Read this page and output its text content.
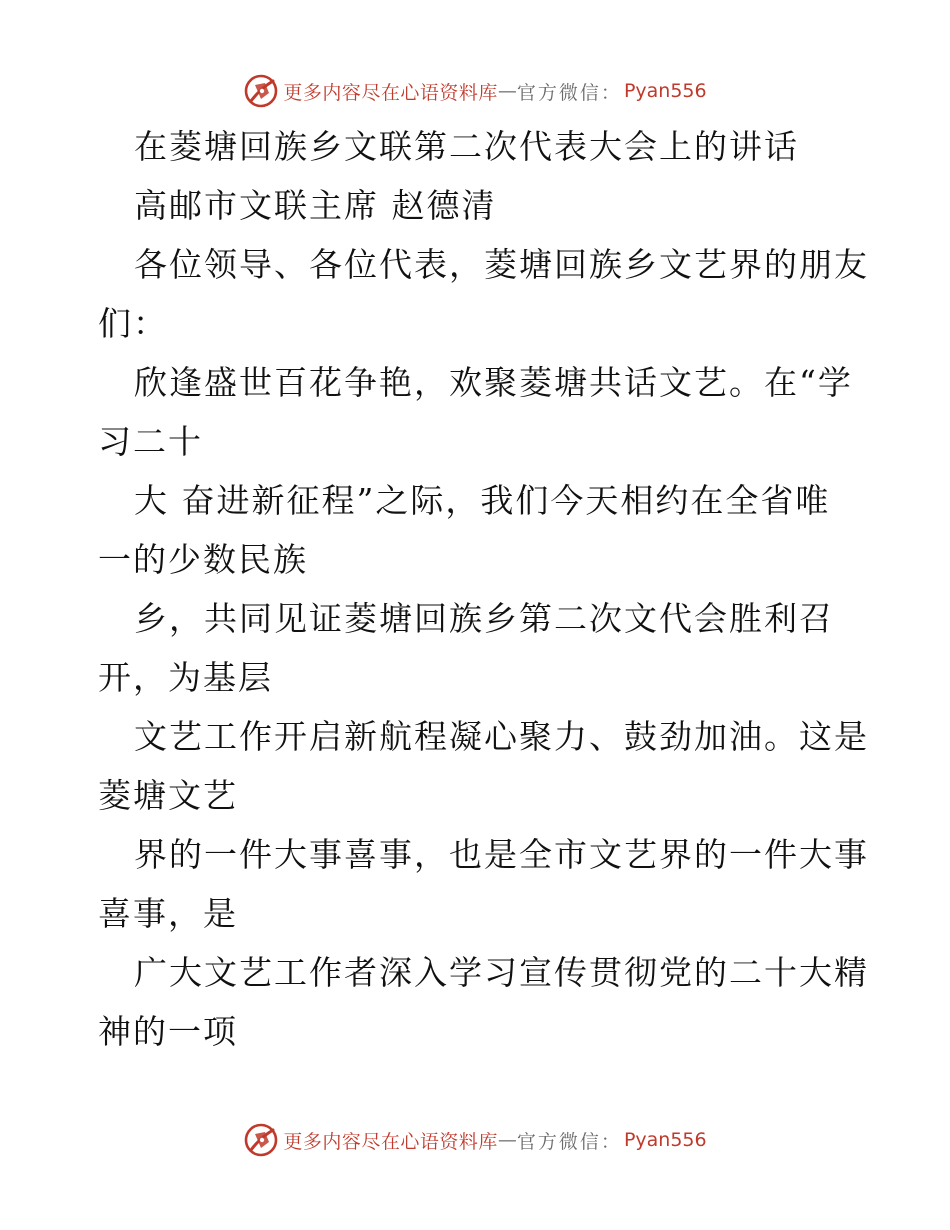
更多内容尽在心语资料库 — 官方微信： Pyan556
在菱塘回族乡文联第二次代表大会上的讲话
高邮市文联主席 赵德清
各位领导、各位代表，菱塘回族乡文艺界的朋友
们：
欣逢盛世百花争艳，欢聚菱塘共话文艺。在“学
习二十
大 奋进新征程”之际，我们今天相约在全省唯
一的少数民族
乡，共同见证菱塘回族乡第二次文代会胜利召
开，为基层
文艺工作开启新航程凝心聚力、鼓劲加油。这是
菱塘文艺
界的一件大事喜事，也是全市文艺界的一件大事
喜事，是
广大文艺工作者深入学习宣传贯彻党的二十大精
神的一项
更多内容尽在心语资料库 — 官方微信： Pyan556
